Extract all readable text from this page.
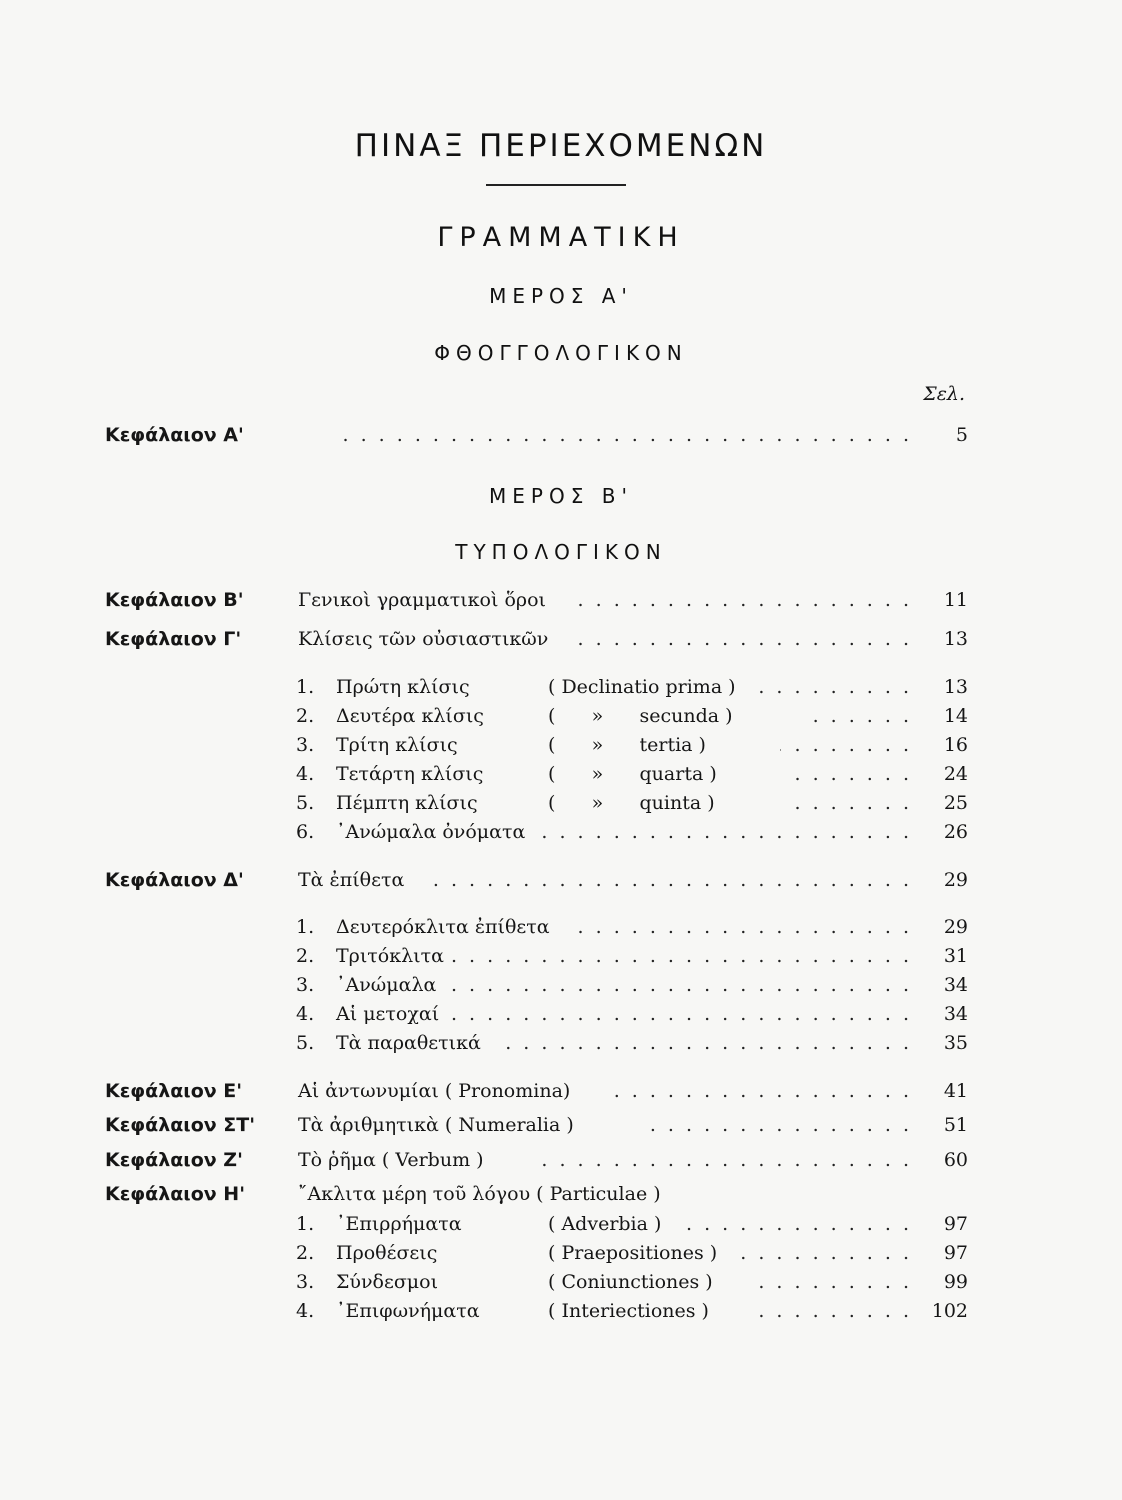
ΠΙΝΑΞ ΠΕΡΙΕΧΟΜΕΝΩΝ
ΓΡΑΜΜΑΤΙΚΗ
ΜΕΡΟΣ Α'
ΦΘΟΓΓΟΛΟΓΙΚΟΝ
Σελ.
Κεφάλαιον Α' . . .	5
ΜΕΡΟΣ Β'
ΤΥΠΟΛΟΓΙΚΟΝ
Κεφάλαιον Β'	Γενικοὶ γραμματικοὶ ὅροι . . .	11
Κεφάλαιον Γ'	Κλίσεις τῶν οὐσιαστικῶν . . .	13
1. Πρώτη κλίσις	( Declinatio prima ) . . .	13
2. Δευτέρα κλίσις	(      »      secunda ) . . .	14
3. Τρίτη κλίσις	(      »      tertia ) . . .	16
4. Τετάρτη κλίσις	(      »      quarta ) . . .	24
5. Πέμπτη κλίσις	(      »      quinta ) . . .	25
6. ᾿Ανώμαλα ὀνόματα . . .	26
Κεφάλαιον Δ'	Τὰ ἐπίθετα . . .	29
1. Δευτερόκλιτα ἐπίθετα . . .	29
2. Τριτόκλιτα . . .	31
3. ᾿Ανώμαλα . . .	34
4. Αἱ μετοχαί . . .	34
5. Τὰ παραθετικά . . .	35
Κεφάλαιον Ε'	Αἱ ἀντωνυμίαι ( Pronomina) . . .	41
Κεφάλαιον ΣΤ' Τὰ ἀριθμητικὰ ( Numeralia ) . . .	51
Κεφάλαιον Ζ'	Τὸ ῥῆμα ( Verbum ) . . .	60
Κεφάλαιον Η'	῎Ακλιτα μέρη τοῦ λόγου ( Particulae )
1. ᾿Επιρρήματα	( Adverbia ) . . .	97
2. Προθέσεις	( Praepositiones ) . . .	97
3. Σύνδεσμοι	( Coniunctiones ) . . .	99
4. ᾿Επιφωνήματα	( Interiectiones ) . . .	102
